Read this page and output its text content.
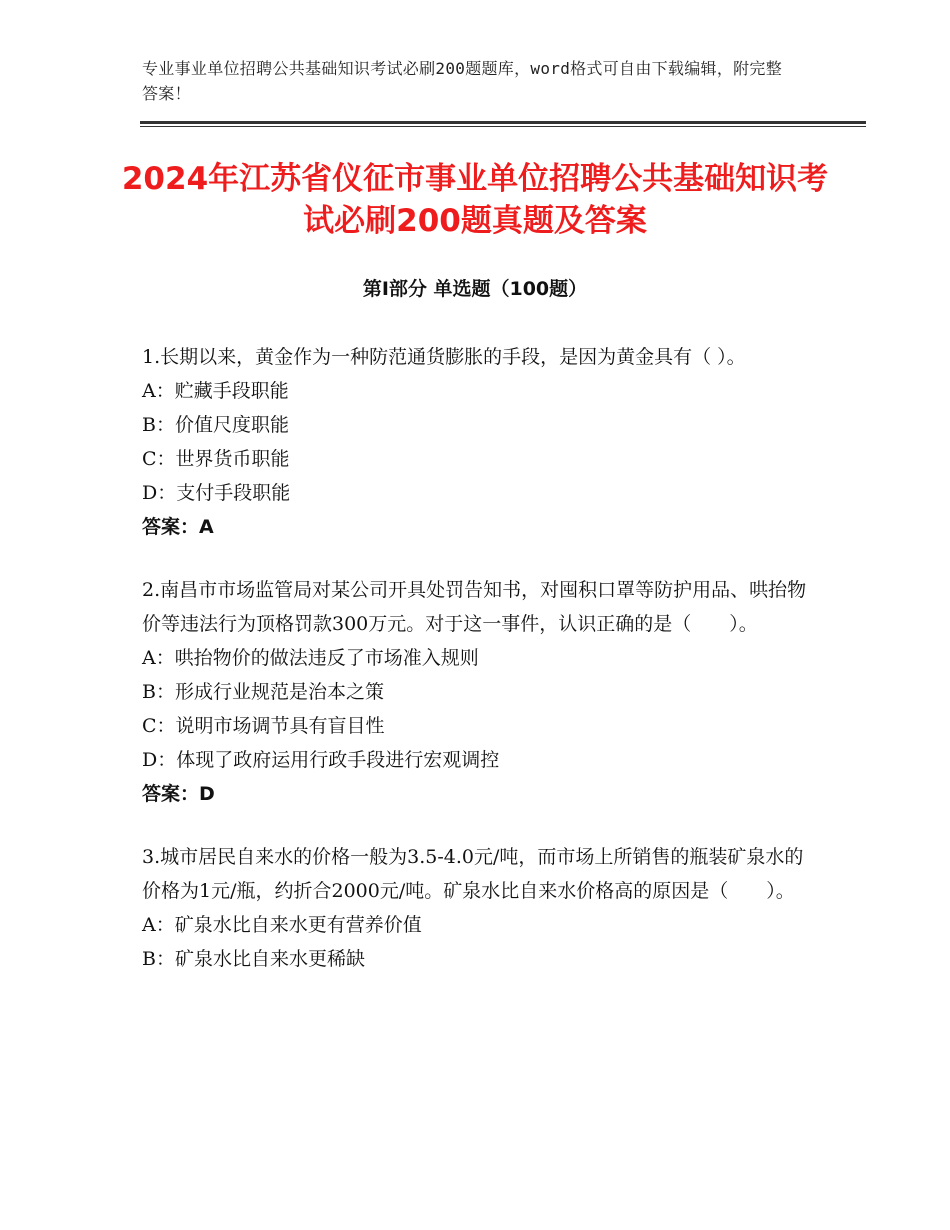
专业事业单位招聘公共基础知识考试必刷200题题库，word格式可自由下载编辑，附完整答案！
2024年江苏省仪征市事业单位招聘公共基础知识考试必刷200题真题及答案
第I部分 单选题（100题）

1.长期以来，黄金作为一种防范通货膨胀的手段，是因为黄金具有（ ）。

A：贮藏手段职能

B：价值尺度职能

C：世界货币职能

D：支付手段职能

答案：A

2.南昌市市场监管局对某公司开具处罚告知书，对囤积口罩等防护用品、哄抬物价等违法行为顶格罚款300万元。对于这一事件，认识正确的是（　　）。

A：哄抬物价的做法违反了市场准入规则

B：形成行业规范是治本之策

C：说明市场调节具有盲目性

D：体现了政府运用行政手段进行宏观调控

答案：D

3.城市居民自来水的价格一般为3.5-4.0元/吨，而市场上所销售的瓶装矿泉水的价格为1元/瓶，约折合2000元/吨。矿泉水比自来水价格高的原因是（　　）。

A：矿泉水比自来水更有营养价值

B：矿泉水比自来水更稀缺
